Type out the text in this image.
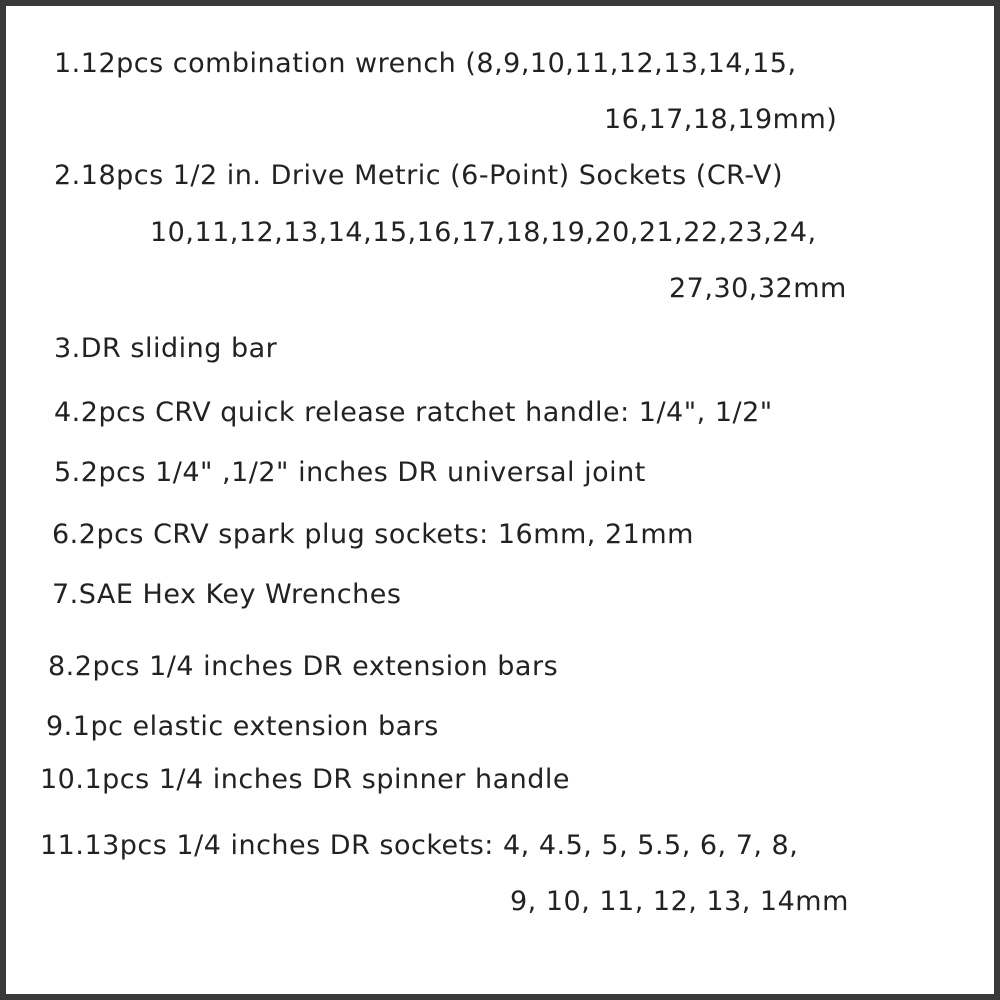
1.12pcs combination wrench (8,9,10,11,12,13,14,15,
16,17,18,19mm)
2.18pcs 1/2 in. Drive Metric (6-Point) Sockets (CR-V)
10,11,12,13,14,15,16,17,18,19,20,21,22,23,24,
27,30,32mm
3.DR sliding bar
4.2pcs CRV quick release ratchet handle: 1/4", 1/2"
5.2pcs 1/4" ,1/2" inches DR universal joint
6.2pcs CRV spark plug sockets: 16mm, 21mm
7.SAE Hex Key Wrenches
8.2pcs 1/4 inches DR extension bars
9.1pc elastic extension bars
10.1pcs 1/4 inches DR spinner handle
11.13pcs 1/4 inches DR sockets: 4, 4.5, 5, 5.5, 6, 7, 8,
9, 10, 11, 12, 13, 14mm
